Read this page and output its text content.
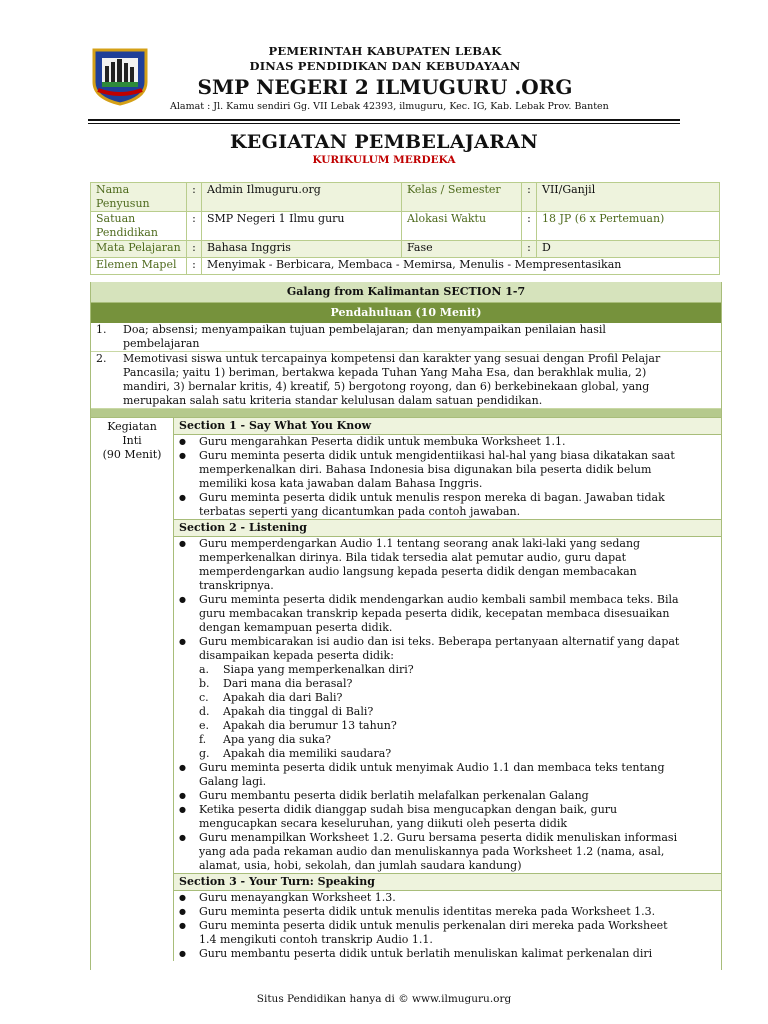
PEMERINTAH KABUPATEN LEBAK
DINAS PENDIDIKAN DAN KEBUDAYAAN
SMP NEGERI 2 ILMUGURU .ORG
Alamat : Jl. Kamu sendiri Gg. VII Lebak 42393, ilmuguru, Kec. IG, Kab. Lebak Prov. Banten
KEGIATAN PEMBELAJARAN
KURIKULUM MERDEKA
Nama Penyusun	:	Admin Ilmuguru.org	Kelas / Semester	:	VII/Ganjil

Satuan
Pendidikan	:	SMP Negeri 1 Ilmu guru	Alokasi Waktu	:	18 JP (6 x Pertemuan)
Mata Pelajaran	:	Bahasa Inggris	Fase	:	D
Elemen Mapel	:	Menyimak - Berbicara, Membaca - Memirsa, Menulis - Mempresentasikan			
Galang from Kalimantan SECTION 1-7
Pendahuluan (10 Menit)
1.	Doa; absensi; menyampaikan tujuan pembelajaran; dan menyampaikan penilaian hasil
pembelajaran
2.	Memotivasi siswa untuk tercapainya kompetensi dan karakter yang sesuai dengan Profil Pelajar
Pancasila; yaitu 1) beriman, bertakwa kepada Tuhan Yang Maha Esa, dan berakhlak mulia, 2)
mandiri, 3) bernalar kritis, 4) kreatif, 5) bergotong royong, dan 6) berkebinekaan global, yang
merupakan salah satu kriteria standar kelulusan dalam satuan pendidikan.
Kegiatan
Inti
(90 Menit)
Section 1 - Say What You Know
●	Guru mengarahkan Peserta didik untuk membuka Worksheet 1.1.
●	Guru meminta peserta didik untuk mengidentiikasi hal-hal yang biasa dikatakan saat
memperkenalkan diri. Bahasa Indonesia bisa digunakan bila peserta didik belum
memiliki kosa kata jawaban dalam Bahasa Inggris.
●	Guru meminta peserta didik untuk menulis respon mereka di bagan. Jawaban tidak
terbatas seperti yang dicantumkan pada contoh jawaban.
Section 2 - Listening
●	Guru memperdengarkan Audio 1.1 tentang seorang anak laki-laki yang sedang
memperkenalkan dirinya. Bila tidak tersedia alat pemutar audio, guru dapat
memperdengarkan audio langsung kepada peserta didik dengan membacakan
transkripnya.
●	Guru meminta peserta didik mendengarkan audio kembali sambil membaca teks. Bila
guru membacakan transkrip kepada peserta didik, kecepatan membaca disesuaikan
dengan kemampuan peserta didik.
●	Guru membicarakan isi audio dan isi teks. Beberapa pertanyaan alternatif yang dapat
disampaikan kepada peserta didik:
a.	Siapa yang memperkenalkan diri?
b.	Dari mana dia berasal?
c.	Apakah dia dari Bali?
d.	Apakah dia tinggal di Bali?
e.	Apakah dia berumur 13 tahun?
f.	Apa yang dia suka?
g.	Apakah dia memiliki saudara?
●	Guru meminta peserta didik untuk menyimak Audio 1.1 dan membaca teks tentang
Galang lagi.
●	Guru membantu peserta didik berlatih melafalkan perkenalan Galang
●	Ketika peserta didik dianggap sudah bisa mengucapkan dengan baik, guru
mengucapkan secara keseluruhan, yang diikuti oleh peserta didik
●	Guru menampilkan Worksheet 1.2. Guru bersama peserta didik menuliskan informasi
yang ada pada rekaman audio dan menuliskannya pada Worksheet 1.2 (nama, asal,
alamat, usia, hobi, sekolah, dan jumlah saudara kandung)
Section 3 - Your Turn: Speaking
●	Guru menayangkan Worksheet 1.3.
●	Guru meminta peserta didik untuk menulis identitas mereka pada Worksheet 1.3.
●	Guru meminta peserta didik untuk menulis perkenalan diri mereka pada Worksheet
1.4 mengikuti contoh transkrip Audio 1.1.
●	Guru membantu peserta didik untuk berlatih menuliskan kalimat perkenalan diri
Situs Pendidikan hanya di © www.ilmuguru.org
